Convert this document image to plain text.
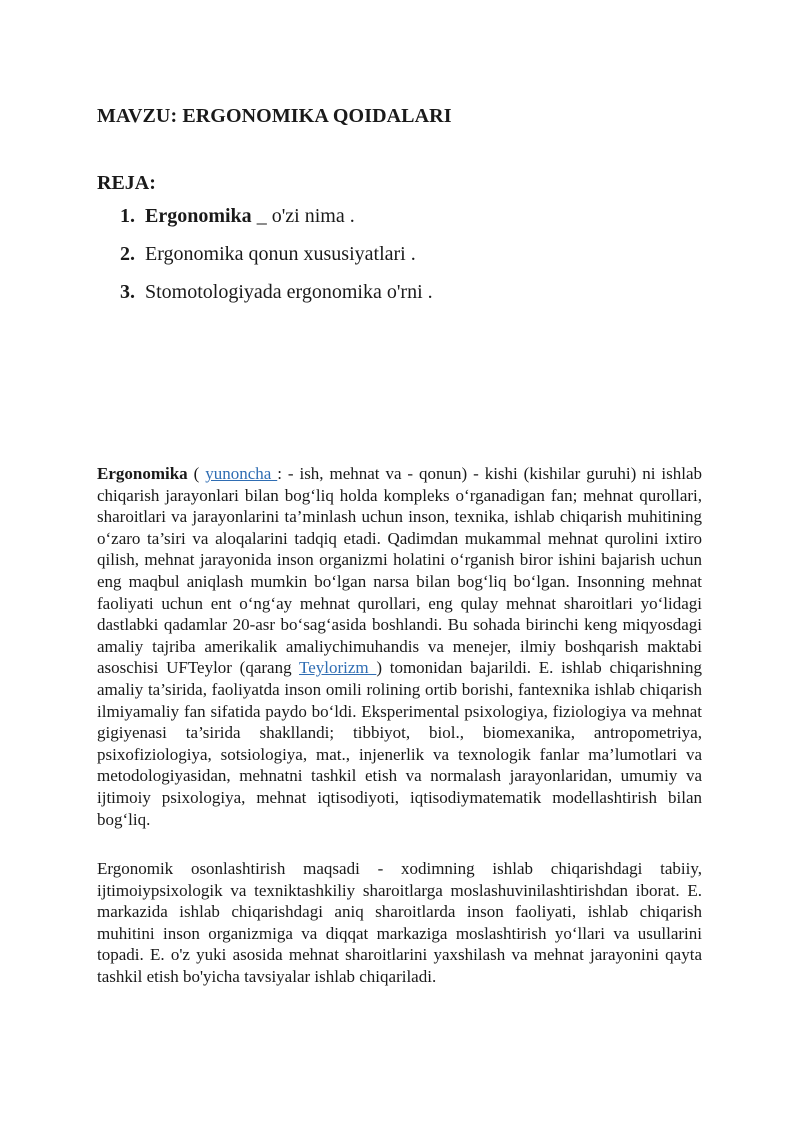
MAVZU: ERGONOMIKA QOIDALARI
REJA:
1. Ergonomika _ o'zi nima .
2. Ergonomika qonun xususiyatlari .
3. Stomotologiyada ergonomika o'rni .

Ergonomika ( yunoncha : - ish, mehnat va - qonun) - kishi (kishilar guruhi) ni ishlab chiqarish jarayonlari bilan bog‘liq holda kompleks o‘rganadigan fan; mehnat qurollari, sharoitlari va jarayonlarini ta’minlash uchun inson, texnika, ishlab chiqarish muhitining o‘zaro ta’siri va aloqalarini tadqiq etadi. Qadimdan mukammal mehnat qurolini ixtiro qilish, mehnat jarayonida inson organizmi holatini o‘rganish biror ishini bajarish uchun eng maqbul aniqlash mumkin bo‘lgan narsa bilan bog‘liq bo‘lgan. Insonning mehnat faoliyati uchun ent o‘ng‘ay mehnat qurollari, eng qulay mehnat sharoitlari yo‘lidagi dastlabki qadamlar 20-asr bo‘sag‘asida boshlandi. Bu sohada birinchi keng miqyosdagi amaliy tajriba amerikalik amaliychimuhandis va menejer, ilmiy boshqarish maktabi asoschisi UFTeylor (qarang Teylorizm ) tomonidan bajarildi. E. ishlab chiqarishning amaliy ta’sirida, faoliyatda inson omili rolining ortib borishi, fantexnika ishlab chiqarish ilmiyamaliy fan sifatida paydo bo‘ldi. Eksperimental psixologiya, fiziologiya va mehnat gigiyenasi ta’sirida shakllandi; tibbiyot, biol., biomexanika, antropometriya, psixofiziologiya, sotsiologiya, mat., injenerlik va texnologik fanlar ma’lumotlari va metodologiyasidan, mehnatni tashkil etish va normalash jarayonlaridan, umumiy va ijtimoiy psixologiya, mehnat iqtisodiyoti, iqtisodiymatematik modellashtirish bilan bog‘liq.

Ergonomik osonlashtirish maqsadi - xodimning ishlab chiqarishdagi tabiiy, ijtimoiypsixologik va texniktashkiliy sharoitlarga moslashuvinilashtirishdan iborat. E. markazida ishlab chiqarishdagi aniq sharoitlarda inson faoliyati, ishlab chiqarish muhitini inson organizmiga va diqqat markaziga moslashtirish yo‘llari va usullarini topadi. E. o'z yuki asosida mehnat sharoitlarini yaxshilash va mehnat jarayonini qayta tashkil etish bo'yicha tavsiyalar ishlab chiqariladi.
